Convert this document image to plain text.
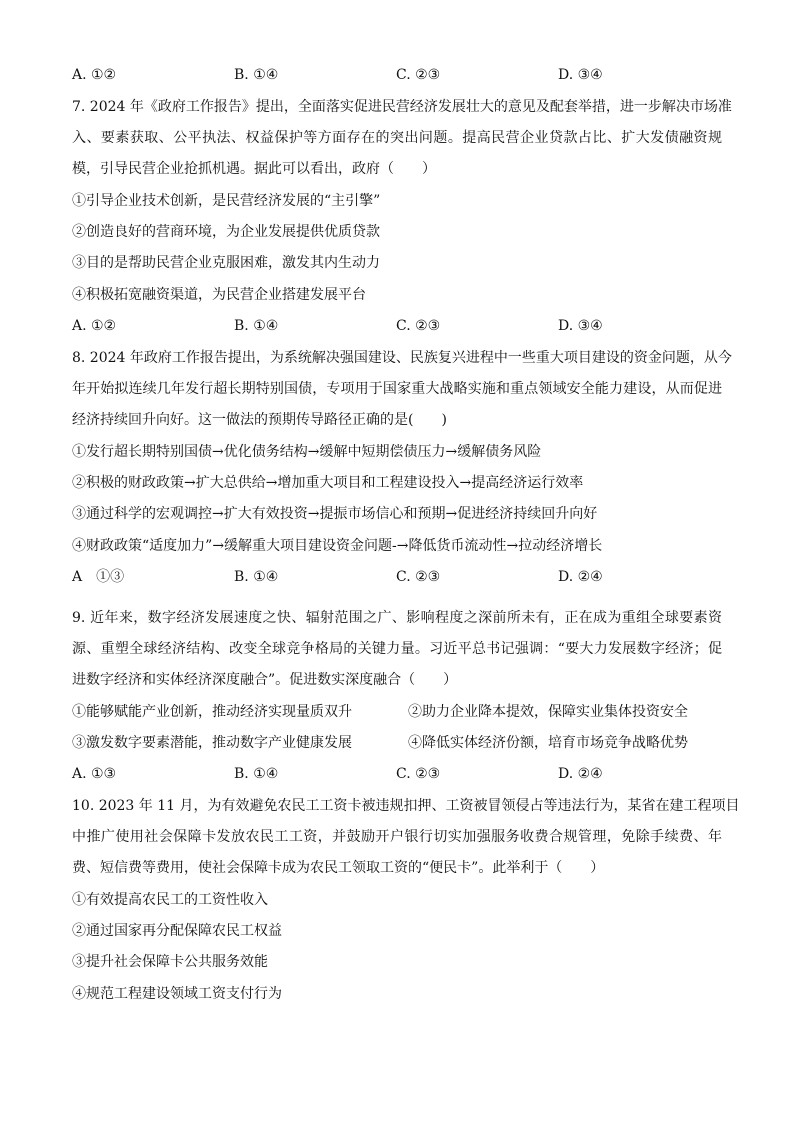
A. ①②	B. ①④	C. ②③	D. ③④
7. 2024 年《政府工作报告》提出，全面落实促进民营经济发展壮大的意见及配套举措，进一步解决市场准
入、要素获取、公平执法、权益保护等方面存在的突出问题。提高民营企业贷款占比、扩大发债融资规
模，引导民营企业抢抓机遇。据此可以看出，政府（　　）
①引导企业技术创新，是民营经济发展的“主引擎”
②创造良好的营商环境，为企业发展提供优质贷款
③目的是帮助民营企业克服困难，激发其内生动力
④积极拓宽融资渠道，为民营企业搭建发展平台
A. ①②	B. ①④	C. ②③	D. ③④
8. 2024 年政府工作报告提出，为系统解决强国建设、民族复兴进程中一些重大项目建设的资金问题，从今
年开始拟连续几年发行超长期特别国债，专项用于国家重大战略实施和重点领域安全能力建设，从而促进
经济持续回升向好。这一做法的预期传导路径正确的是(　　)
①发行超长期特别国债→优化债务结构→缓解中短期偿债压力→缓解债务风险
②积极的财政政策→扩大总供给→增加重大项目和工程建设投入→提高经济运行效率
③通过科学的宏观调控→扩大有效投资→提振市场信心和预期→促进经济持续回升向好
④财政政策“适度加力”→缓解重大项目建设资金问题-→降低货币流动性→拉动经济增长
A　①③	B. ①④	C. ②③	D. ②④
9. 近年来，数字经济发展速度之快、辐射范围之广、影响程度之深前所未有，正在成为重组全球要素资
源、重塑全球经济结构、改变全球竞争格局的关键力量。习近平总书记强调：“要大力发展数字经济；促
进数字经济和实体经济深度融合”。促进数实深度融合（　　）
①能够赋能产业创新，推动经济实现量质双升	②助力企业降本提效，保障实业集体投资安全
③激发数字要素潜能，推动数字产业健康发展	④降低实体经济份额，培育市场竞争战略优势
A. ①③	B. ①④	C. ②③	D. ②④
10. 2023 年 11 月，为有效避免农民工工资卡被违规扣押、工资被冒领侵占等违法行为，某省在建工程项目
中推广使用社会保障卡发放农民工工资，并鼓励开户银行切实加强服务收费合规管理，免除手续费、年
费、短信费等费用，使社会保障卡成为农民工领取工资的“便民卡”。此举利于（　　）
①有效提高农民工的工资性收入
②通过国家再分配保障农民工权益
③提升社会保障卡公共服务效能
④规范工程建设领域工资支付行为
